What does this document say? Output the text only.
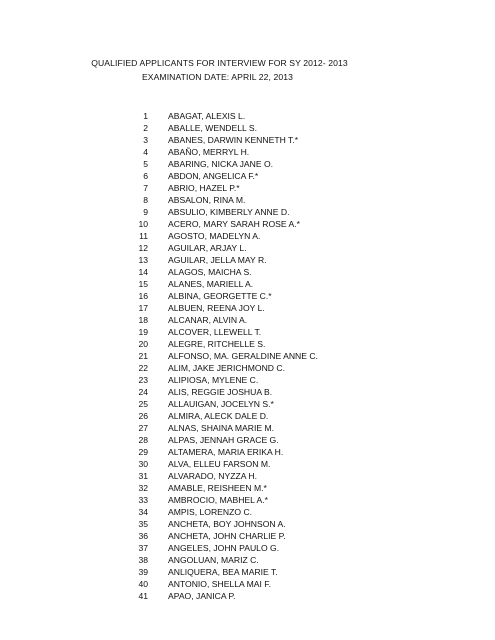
QUALIFIED APPLICANTS FOR INTERVIEW FOR SY 2012- 2013
EXAMINATION DATE: APRIL 22, 2013
1 ABAGAT, ALEXIS L.
2 ABALLE, WENDELL S.
3 ABANES, DARWIN KENNETH T.*
4 ABAÑO, MERRYL H.
5 ABARING, NICKA JANE O.
6 ABDON, ANGELICA F.*
7 ABRIO, HAZEL P.*
8 ABSALON, RINA M.
9 ABSULIO, KIMBERLY ANNE D.
10 ACERO, MARY SARAH ROSE A.*
11 AGOSTO, MADELYN A.
12 AGUILAR, ARJAY L.
13 AGUILAR, JELLA MAY R.
14 ALAGOS, MAICHA S.
15 ALANES, MARIELL A.
16 ALBINA, GEORGETTE C.*
17 ALBUEN, REENA JOY L.
18 ALCANAR, ALVIN A.
19 ALCOVER, LLEWELL T.
20 ALEGRE, RITCHELLE S.
21 ALFONSO, MA. GERALDINE ANNE C.
22 ALIM, JAKE JERICHMOND C.
23 ALIPIOSA, MYLENE C.
24 ALIS, REGGIE JOSHUA B.
25 ALLAUIGAN, JOCELYN S.*
26 ALMIRA, ALECK DALE D.
27 ALNAS, SHAINA MARIE M.
28 ALPAS, JENNAH GRACE G.
29 ALTAMERA, MARIA ERIKA H.
30 ALVA, ELLEU FARSON M.
31 ALVARADO, NYZZA H.
32 AMABLE, REISHEEN M.*
33 AMBROCIO, MABHEL A.*
34 AMPIS, LORENZO C.
35 ANCHETA, BOY JOHNSON A.
36 ANCHETA, JOHN CHARLIE P.
37 ANGELES, JOHN PAULO G.
38 ANGOLUAN, MARIZ C.
39 ANLIQUERA, BEA MARIE T.
40 ANTONIO, SHELLA MAI F.
41 APAO, JANICA P.
